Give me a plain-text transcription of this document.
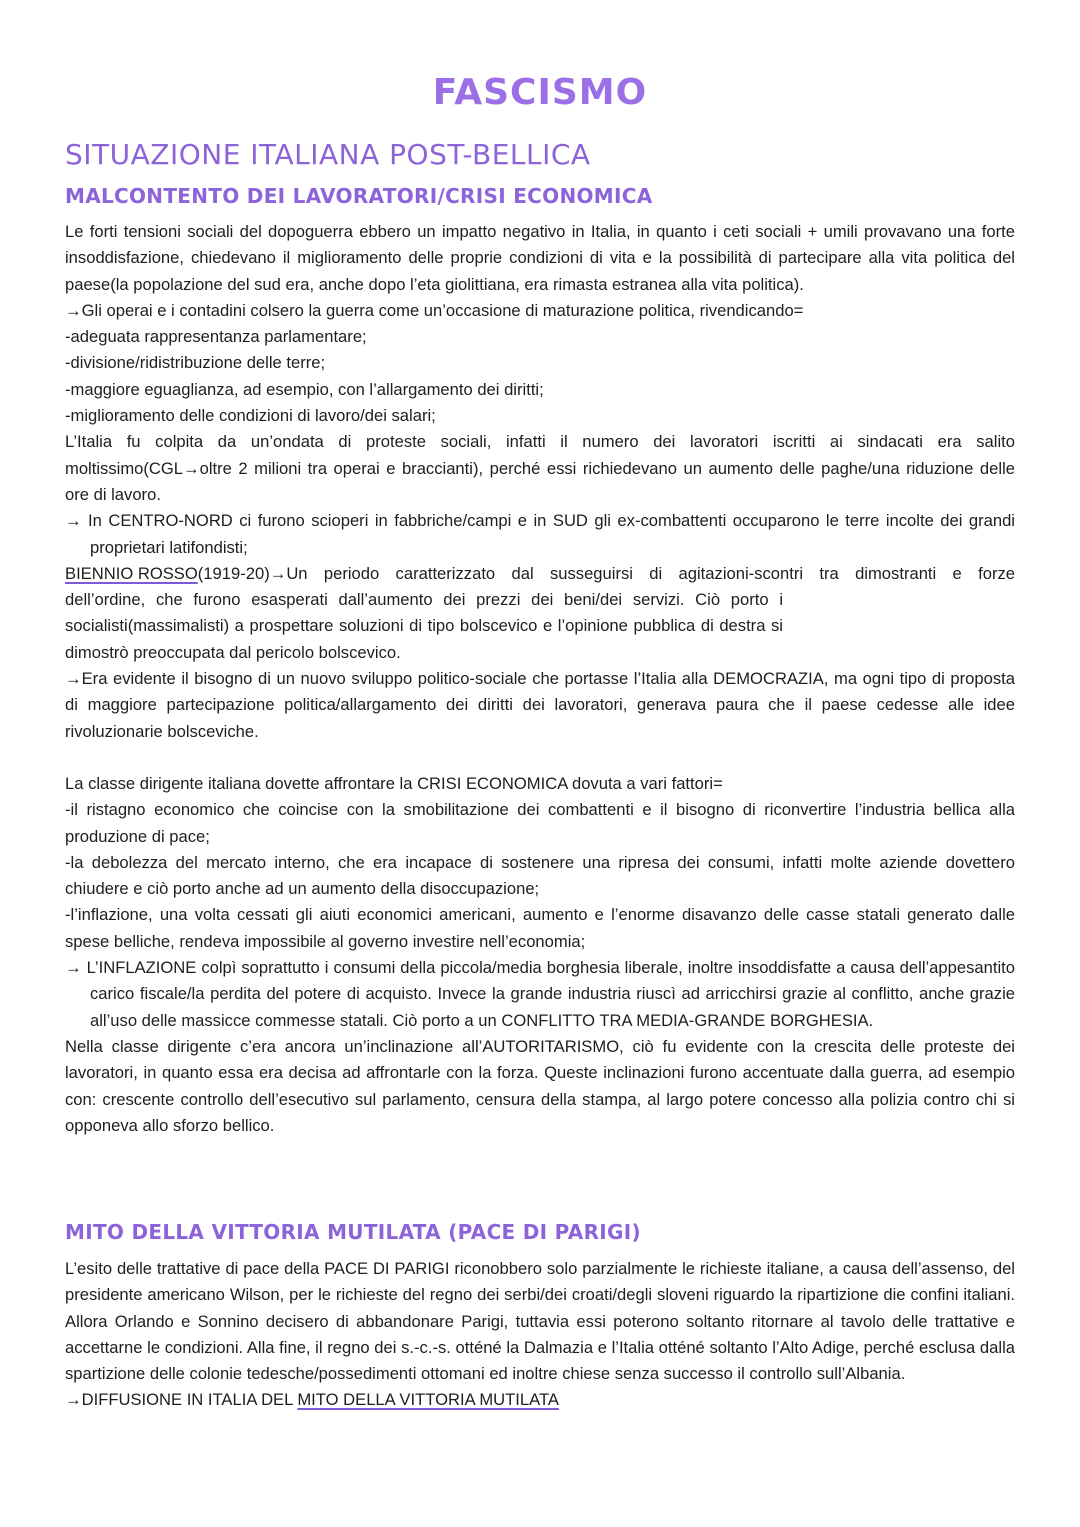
FASCISMO
SITUAZIONE ITALIANA POST-BELLICA
MALCONTENTO DEI LAVORATORI/CRISI ECONOMICA

Le forti tensioni sociali del dopoguerra ebbero un impatto negativo in Italia, in quanto i ceti sociali + umili provavano una forte insoddisfazione, chiedevano il miglioramento delle proprie condizioni di vita e la possibilità di partecipare alla vita politica del paese(la popolazione del sud era, anche dopo l’eta giolittiana, era rimasta estranea alla vita politica).

→Gli operai e i contadini colsero la guerra come un’occasione di maturazione politica, rivendicando=

-adeguata rappresentanza parlamentare;

-divisione/ridistribuzione delle terre;

-maggiore eguaglianza, ad esempio, con l’allargamento dei diritti;

-miglioramento delle condizioni di lavoro/dei salari;

L’Italia fu colpita da un’ondata di proteste sociali, infatti il numero dei lavoratori iscritti ai sindacati era salito moltissimo(CGL→oltre 2 milioni tra operai e braccianti), perché essi richiedevano un aumento delle paghe/una riduzione delle ore di lavoro.

→ In CENTRO-NORD ci furono scioperi in fabbriche/campi e in SUD gli ex-combattenti occuparono le terre incolte dei grandi proprietari latifondisti;

BIENNIO ROSSO(1919-20)→ Un periodo caratterizzato dal susseguirsi di agitazioni-scontri tra dimostranti e forze

dell’ordine, che furono esasperati dall’aumento dei prezzi dei beni/dei servizi. Ciò porto i socialisti(massimalisti) a prospettare soluzioni di tipo bolscevico e l’opinione pubblica di destra si dimostrò preoccupata dal pericolo bolscevico.

→Era evidente il bisogno di un nuovo sviluppo politico-sociale che portasse l’Italia alla DEMOCRAZIA, ma ogni tipo di proposta di maggiore partecipazione politica/allargamento dei diritti dei lavoratori, generava paura che il paese cedesse alle idee rivoluzionarie bolsceviche.

La classe dirigente italiana dovette affrontare la CRISI ECONOMICA dovuta a vari fattori=

-il ristagno economico che coincise con la smobilitazione dei combattenti e il bisogno di riconvertire l’industria bellica alla produzione di pace;

-la debolezza del mercato interno, che era incapace di sostenere una ripresa dei consumi, infatti molte aziende dovettero chiudere e ciò porto anche ad un aumento della disoccupazione;

-l’inflazione, una volta cessati gli aiuti economici americani, aumento e l’enorme disavanzo delle casse statali generato dalle spese belliche, rendeva impossibile al governo investire nell’economia;

→ L’INFLAZIONE colpì soprattutto i consumi della piccola/media borghesia liberale, inoltre insoddisfatte a causa dell’appesantito carico fiscale/la perdita del potere di acquisto. Invece la grande industria riuscì ad arricchirsi grazie al conflitto, anche grazie all’uso delle massicce commesse statali. Ciò porto a un CONFLITTO TRA MEDIA-GRANDE BORGHESIA.

Nella classe dirigente c’era ancora un’inclinazione all’AUTORITARISMO, ciò fu evidente con la crescita delle proteste dei lavoratori, in quanto essa era decisa ad affrontarle con la forza. Queste inclinazioni furono accentuate dalla guerra, ad esempio con: crescente controllo dell’esecutivo sul parlamento, censura della stampa, al largo potere concesso alla polizia contro chi si opponeva allo sforzo bellico.

MITO DELLA VITTORIA MUTILATA (PACE DI PARIGI)

L’esito delle trattative di pace della PACE DI PARIGI riconobbero solo parzialmente le richieste italiane, a causa dell’assenso, del presidente americano Wilson, per le richieste del regno dei serbi/dei croati/degli sloveni riguardo la ripartizione die confini italiani. Allora Orlando e Sonnino decisero di abbandonare Parigi, tuttavia essi poterono soltanto ritornare al tavolo delle trattative e accettarne le condizioni. Alla fine, il regno dei s.-c.-s. otténé la Dalmazia e l’Italia otténé soltanto l’Alto Adige, perché esclusa dalla spartizione delle colonie tedesche/possedimenti ottomani ed inoltre chiese senza successo il controllo sull’Albania.

→DIFFUSIONE IN ITALIA DEL MITO DELLA VITTORIA MUTILATA
